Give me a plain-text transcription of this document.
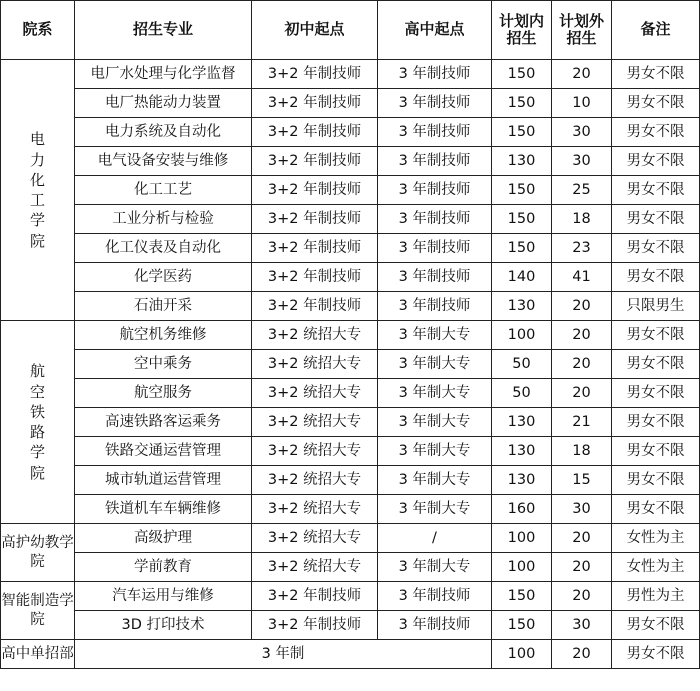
院系	招生专业	初中起点	高中起点	计划内招生	计划外招生	备注
电力化工学院	电厂水处理与化学监督	3+2 年制技师	3 年制技师	150	20	男女不限
	电厂热能动力装置	3+2 年制技师	3 年制技师	150	10	男女不限
	电力系统及自动化	3+2 年制技师	3 年制技师	150	30	男女不限
	电气设备安装与维修	3+2 年制技师	3 年制技师	130	30	男女不限
	化工工艺	3+2 年制技师	3 年制技师	150	25	男女不限
	工业分析与检验	3+2 年制技师	3 年制技师	150	18	男女不限
	化工仪表及自动化	3+2 年制技师	3 年制技师	150	23	男女不限
	化学医药	3+2 年制技师	3 年制技师	140	41	男女不限
	石油开采	3+2 年制技师	3 年制技师	130	20	只限男生
航空铁路学院	航空机务维修	3+2 统招大专	3 年制大专	100	20	男女不限
	空中乘务	3+2 统招大专	3 年制大专	50	20	男女不限
	航空服务	3+2 统招大专	3 年制大专	50	20	男女不限
	高速铁路客运乘务	3+2 统招大专	3 年制大专	130	21	男女不限
	铁路交通运营管理	3+2 统招大专	3 年制大专	130	18	男女不限
	城市轨道运营管理	3+2 统招大专	3 年制大专	130	15	男女不限
	铁道机车车辆维修	3+2 统招大专	3 年制大专	160	30	男女不限
高护幼教学院	高级护理	3+2 统招大专	/	100	20	女性为主
	学前教育	3+2 统招大专	3 年制大专	100	20	女性为主
智能制造学院	汽车运用与维修	3+2 年制技师	3 年制技师	150	20	男性为主
	3D 打印技术	3+2 年制技师	3 年制技师	150	30	男女不限
高中单招部	3 年制			100	20	男女不限
